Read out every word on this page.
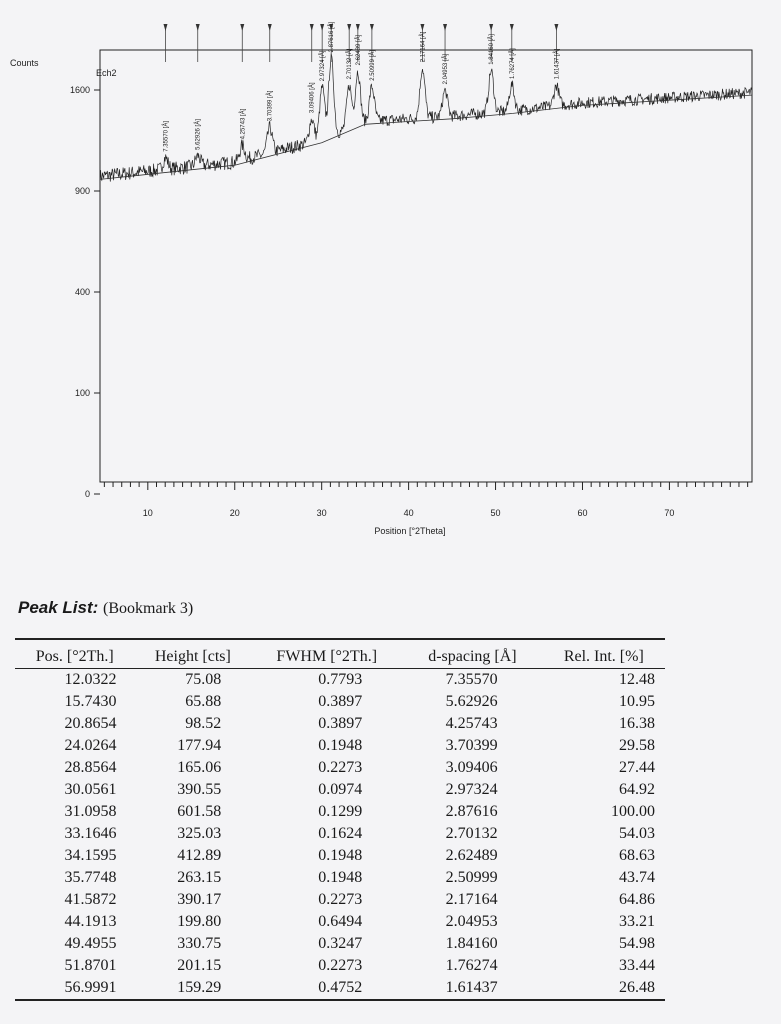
Counts
Ech2
Position [°2Theta]
0
100
400
900
1600
10	20	30	40	50	60	70
7.35570 [Å]	5.62926 [Å]	4.25743 [Å]
3.70399 [Å]	3.09406 [Å]
2.97324 [Å]
2.87616 [Å]
2.70132 [Å] 2.62489 [Å] 2.50999 [Å]
2.17164 [Å]
2.04953 [Å]
1.84160 [Å] 1.76274 [Å]	1.61437 [Å]
Peak List: (Bookmark 3)
Pos. [°2Th.]	Height [cts]	FWHM [°2Th.]	d-spacing [Å]	Rel. Int. [%]
12.0322	75.08	0.7793	7.35570	12.48
15.7430	65.88	0.3897	5.62926	10.95
20.8654	98.52	0.3897	4.25743	16.38
24.0264	177.94	0.1948	3.70399	29.58
28.8564	165.06	0.2273	3.09406	27.44
30.0561	390.55	0.0974	2.97324	64.92
31.0958	601.58	0.1299	2.87616	100.00
33.1646	325.03	0.1624	2.70132	54.03
34.1595	412.89	0.1948	2.62489	68.63
35.7748	263.15	0.1948	2.50999	43.74
41.5872	390.17	0.2273	2.17164	64.86
44.1913	199.80	0.6494	2.04953	33.21
49.4955	330.75	0.3247	1.84160	54.98
51.8701	201.15	0.2273	1.76274	33.44
56.9991	159.29	0.4752	1.61437	26.48
